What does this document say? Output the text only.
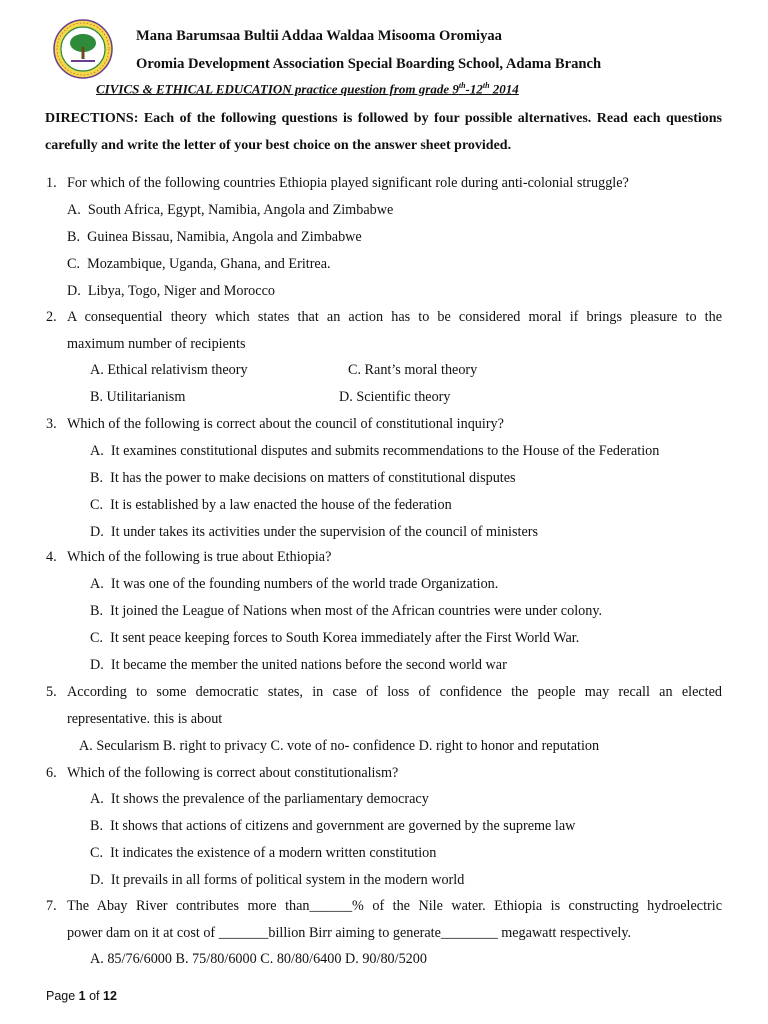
Mana Barumsaa Bultii Addaa Waldaa Misooma Oromiyaa
Oromia Development Association Special Boarding School, Adama Branch
CIVICS & ETHICAL EDUCATION practice question from grade 9th-12th 2014
DIRECTIONS: Each of the following questions is followed by four possible alternatives. Read each questions carefully and write the letter of your best choice on the answer sheet provided.
1. For which of the following countries Ethiopia played significant role during anti-colonial struggle?
A.  South Africa, Egypt, Namibia, Angola and Zimbabwe
B.  Guinea Bissau, Namibia, Angola and Zimbabwe
C.  Mozambique, Uganda, Ghana, and Eritrea.
D.  Libya, Togo, Niger and Morocco
2. A consequential theory which states that an action has to be considered moral if brings pleasure to the
maximum number of recipients
A. Ethical relativism theory	C. Rant’s moral theory
B. Utilitarianism	D. Scientific theory
3. Which of the following is correct about the council of constitutional inquiry?
A.  It examines constitutional disputes and submits recommendations to the House of the Federation
B.  It has the power to make decisions on matters of constitutional disputes
C.  It is established by a law enacted the house of the federation
D.  It under takes its activities under the supervision of the council of ministers
4. Which of the following is true about Ethiopia?
A.  It was one of the founding numbers of the world trade Organization.
B.  It joined the League of Nations when most of the African countries were under colony.
C.  It sent peace keeping forces to South Korea immediately after the First World War.
D.  It became the member the united nations before the second world war
5. According to some democratic states, in case of loss of confidence the people may recall an elected
representative. this is about
A. Secularism B. right to privacy C. vote of no- confidence D. right to honor and reputation
6. Which of the following is correct about constitutionalism?
A.  It shows the prevalence of the parliamentary democracy
B.  It shows that actions of citizens and government are governed by the supreme law
C.  It indicates the existence of a modern written constitution
D.  It prevails in all forms of political system in the modern world
7. The Abay River contributes more than______% of the Nile water. Ethiopia is constructing hydroelectric
power dam on it at cost of _______billion Birr aiming to generate________ megawatt respectively.
A. 85/76/6000 B. 75/80/6000 C. 80/80/6400 D. 90/80/5200
Page 1 of 12
